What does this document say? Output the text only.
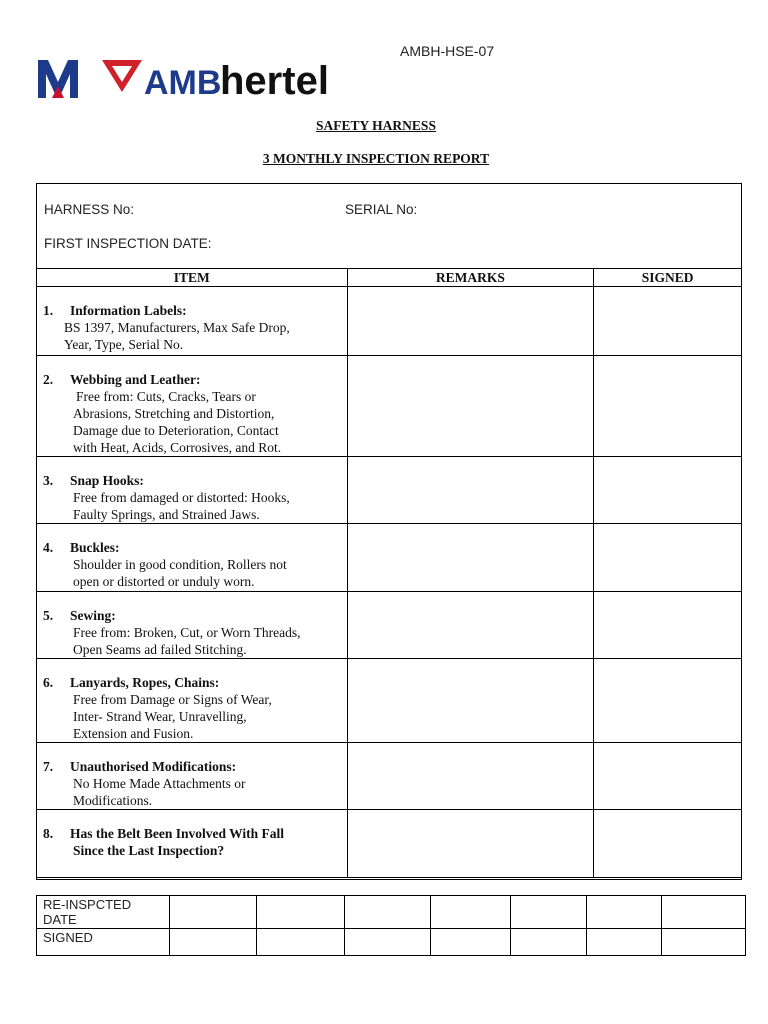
AMBH-HSE-07
AMB
hertel
SAFETY HARNESS
3 MONTHLY INSPECTION REPORT
HARNESS No:	SERIAL No:
FIRST INSPECTION DATE:
ITEM	REMARKS	SIGNED

1. Information Labels:
BS 1397, Manufacturers, Max Safe Drop,
Year, Type, Serial No.		

2. Webbing and Leather:
Free from: Cuts, Cracks, Tears or
Abrasions, Stretching and Distortion,
Damage due to Deterioration, Contact
with Heat, Acids, Corrosives, and Rot.		

3. Snap Hooks:
Free from damaged or distorted: Hooks,
Faulty Springs, and Strained Jaws.		

4. Buckles:
Shoulder in good condition, Rollers not
open or distorted or unduly worn.		

5. Sewing:
Free from: Broken, Cut, or Worn Threads,
Open Seams ad failed Stitching.		

6. Lanyards, Ropes, Chains:
Free from Damage or Signs of Wear,
Inter- Strand Wear, Unravelling,
Extension and Fusion.		

7. Unauthorised Modifications:
No Home Made Attachments or
Modifications.		

8. Has the Belt Been Involved With Fall
Since the Last Inspection?		

RE-INSPCTED DATE							
SIGNED							
